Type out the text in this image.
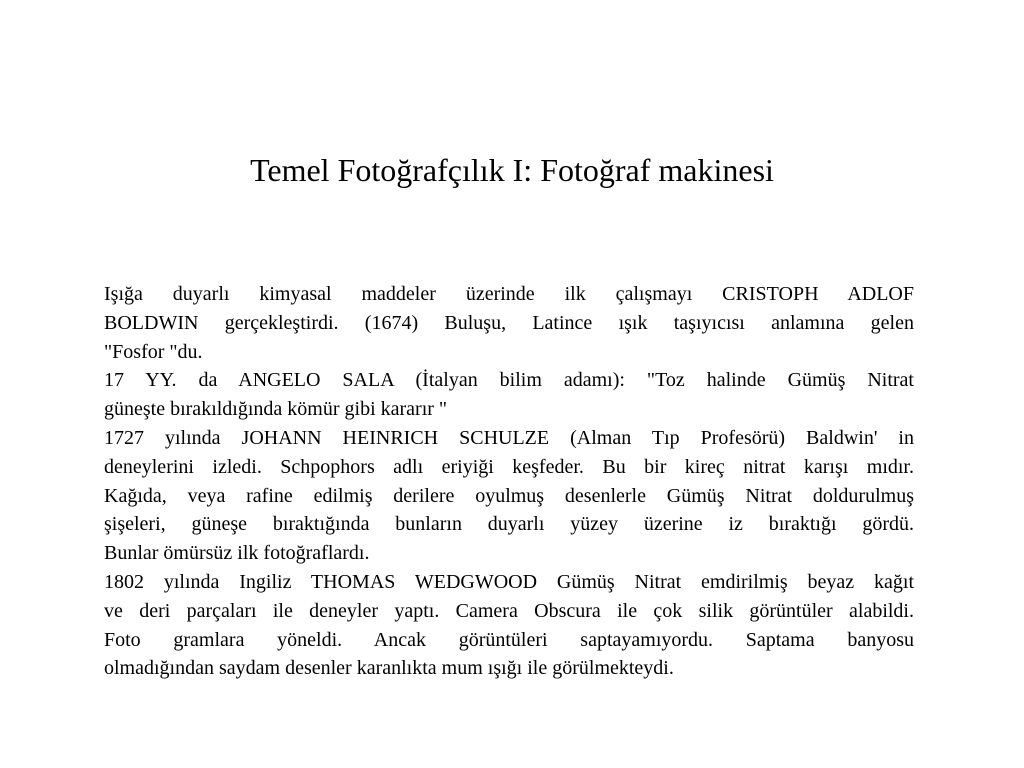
Temel Fotoğrafçılık I: Fotoğraf makinesi
Işığa duyarlı kimyasal maddeler üzerinde ilk çalışmayı CRISTOPH ADLOF
BOLDWIN gerçekleştirdi. (1674) Buluşu, Latince ışık taşıyıcısı anlamına gelen
"Fosfor "du.
17 YY. da ANGELO SALA (İtalyan bilim adamı): "Toz halinde Gümüş Nitrat
güneşte bırakıldığında kömür gibi kararır "
1727 yılında JOHANN HEINRICH SCHULZE (Alman Tıp Profesörü) Baldwin' in
deneylerini izledi. Schpophors adlı eriyiği keşfeder. Bu bir kireç nitrat karışı mıdır.
Kağıda, veya rafine edilmiş derilere oyulmuş desenlerle Gümüş Nitrat doldurulmuş
şişeleri, güneşe bıraktığında bunların duyarlı yüzey üzerine iz bıraktığı gördü.
Bunlar ömürsüz ilk fotoğraflardı.
1802 yılında Ingiliz THOMAS WEDGWOOD Gümüş Nitrat emdirilmiş beyaz kağıt
ve deri parçaları ile deneyler yaptı. Camera Obscura ile çok silik görüntüler alabildi.
Foto gramlara yöneldi. Ancak görüntüleri saptayamıyordu. Saptama banyosu
olmadığından saydam desenler karanlıkta mum ışığı ile görülmekteydi.
